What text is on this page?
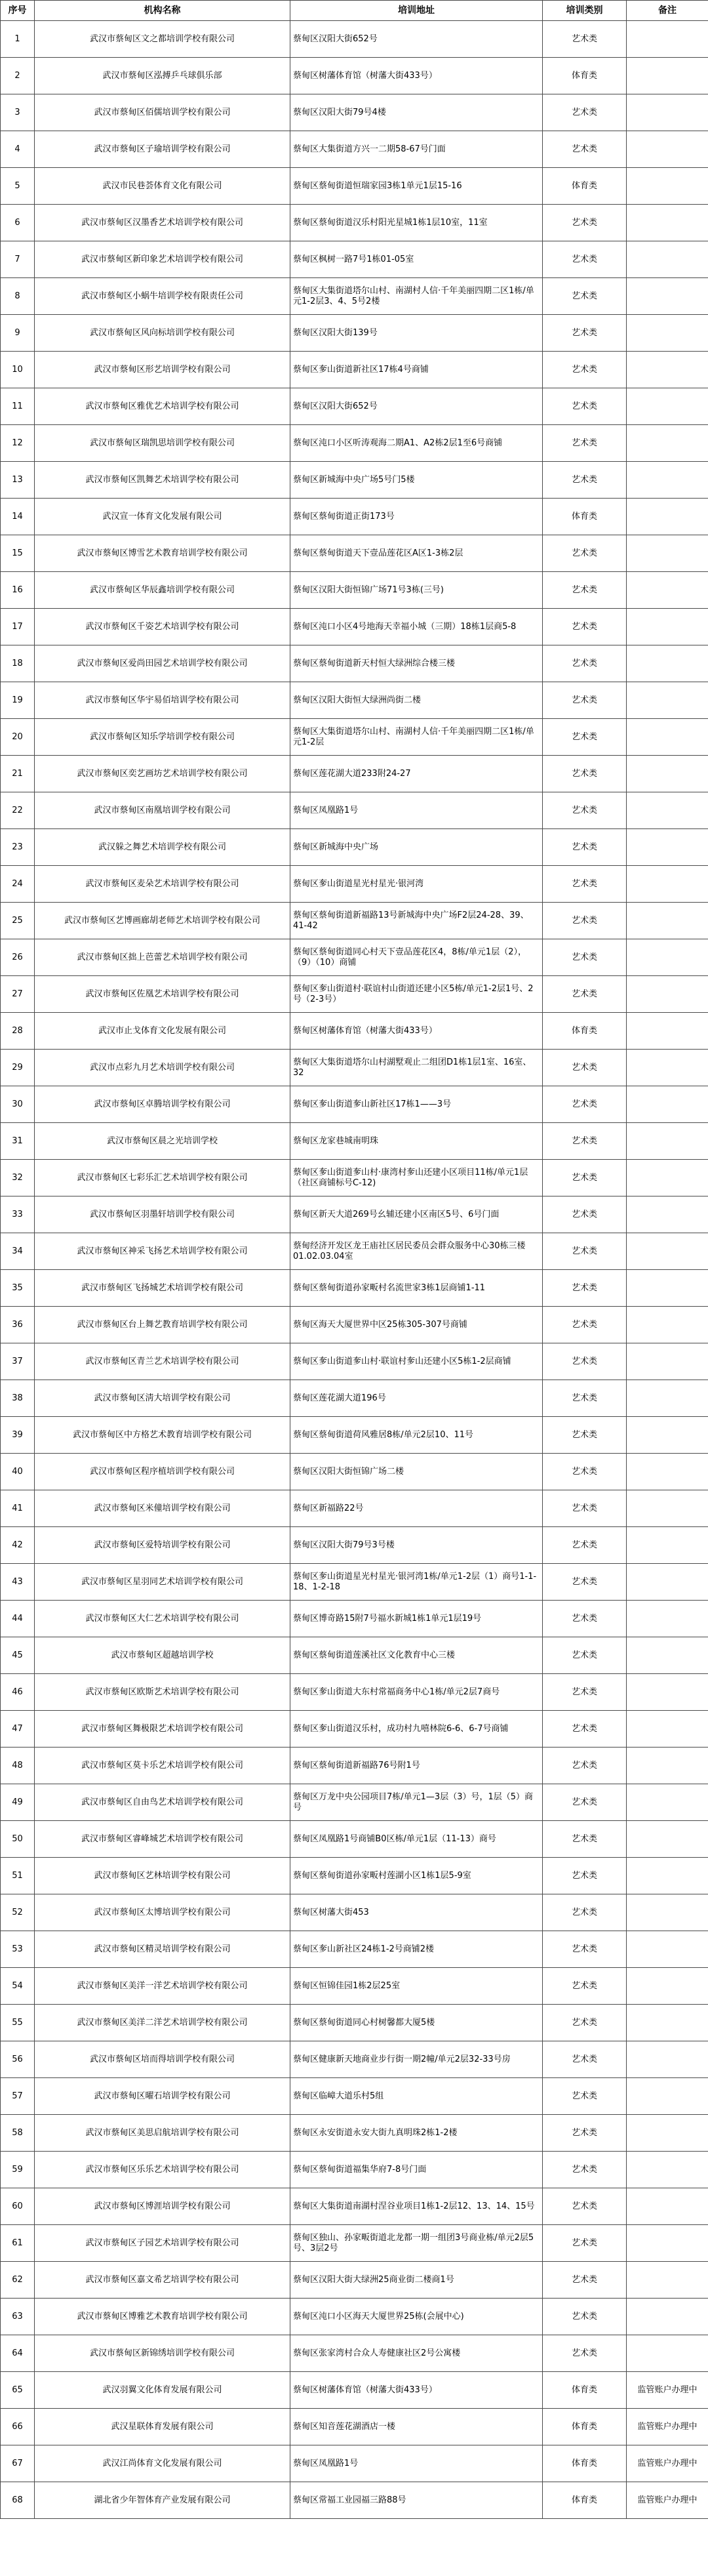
序号	机构名称	培训地址	培训类别	备注
1	武汉市蔡甸区文之都培训学校有限公司	蔡甸区汉阳大街652号	艺术类	
2	武汉市蔡甸区泓搏乒乓球俱乐部	蔡甸区树藩体育馆（树藩大街433号）	体育类	
3	武汉市蔡甸区佰儒培训学校有限公司	蔡甸区汉阳大街79号4楼	艺术类	
4	武汉市蔡甸区子瑜培训学校有限公司	蔡甸区大集街道方兴一二期58-67号门面	艺术类	
5	武汉市民巷荟体育文化有限公司	蔡甸区蔡甸街道恒瑞家园3栋1单元1层15-16	体育类	
6	武汉市蔡甸区汉墨香艺术培训学校有限公司	蔡甸区蔡甸街道汉乐村阳光星城1栋1层10室，11室	艺术类	
7	武汉市蔡甸区新印象艺术培训学校有限公司	蔡甸区枫树一路7号1栋01-05室	艺术类	
8	武汉市蔡甸区小蜗牛培训学校有限责任公司	蔡甸区大集街道塔尔山村、南湖村人信·千年美丽四期二区1栋/单元1-2层3、4、5号2楼	艺术类	
9	武汉市蔡甸区风向标培训学校有限公司	蔡甸区汉阳大街139号	艺术类	
10	武汉市蔡甸区形艺培训学校有限公司	蔡甸区奓山街道新社区17栋4号商铺	艺术类	
11	武汉市蔡甸区雅优艺术培训学校有限公司	蔡甸区汉阳大街652号	艺术类	
12	武汉市蔡甸区瑞凯思培训学校有限公司	蔡甸区沌口小区听涛观海二期A1、A2栋2层1至6号商铺	艺术类	
13	武汉市蔡甸区凯舞艺术培训学校有限公司	蔡甸区新城海中央广场5号门5楼	艺术类	
14	武汉宣一体育文化发展有限公司	蔡甸区蔡甸街道正街173号	体育类	
15	武汉市蔡甸区博雪艺术教育培训学校有限公司	蔡甸区蔡甸街道天下壹品莲花区A区1-3栋2层	艺术类	
16	武汉市蔡甸区华辰鑫培训学校有限公司	蔡甸区汉阳大街恒锦广场71号3栋(三号)	艺术类	
17	武汉市蔡甸区千姿艺术培训学校有限公司	蔡甸区沌口小区4号地海天幸福小城（三期）18栋1层商5-8	艺术类	
18	武汉市蔡甸区爱尚田园艺术培训学校有限公司	蔡甸区蔡甸街道新天村恒大绿洲综合楼三楼	艺术类	
19	武汉市蔡甸区华宇易佰培训学校有限公司	蔡甸区汉阳大街恒大绿洲尚街二楼	艺术类	
20	武汉市蔡甸区知乐学培训学校有限公司	蔡甸区大集街道塔尔山村、南湖村人信·千年美丽四期二区1栋/单元1-2层	艺术类	
21	武汉市蔡甸区奕艺画坊艺术培训学校有限公司	蔡甸区莲花湖大道233附24-27	艺术类	
22	武汉市蔡甸区南凰培训学校有限公司	蔡甸区凤凰路1号	艺术类	
23	武汉躲之舞艺术培训学校有限公司	蔡甸区新城海中央广场	艺术类	
24	武汉市蔡甸区麦朵艺术培训学校有限公司	蔡甸区奓山街道星光村星光·银河湾	艺术类	
25	武汉市蔡甸区艺博画廊胡老师艺术培训学校有限公司	蔡甸区蔡甸街道新福路13号新城海中央广场F2层24-28、39、41-42	艺术类	
26	武汉市蔡甸区拙上芭蕾艺术培训学校有限公司	蔡甸区蔡甸街道同心村天下壹品莲花区4，8栋/单元1层（2），（9）（10）商铺	艺术类	
27	武汉市蔡甸区佐凰艺术培训学校有限公司	蔡甸区奓山街道村·联谊村山街道还建小区5栋/单元1-2层1号、2号（2-3号）	艺术类	
28	武汉市止戈体育文化发展有限公司	蔡甸区树藩体育馆（树藩大街433号）	体育类	
29	武汉市点彩九月艺术培训学校有限公司	蔡甸区大集街道塔尔山村湖墅观止二组团D1栋1层1室、16室、32	艺术类	
30	武汉市蔡甸区卓腾培训学校有限公司	蔡甸区奓山街道奓山新社区17栋1——3号	艺术类	
31	武汉市蔡甸区晨之光培训学校	蔡甸区龙家巷城南明珠	艺术类	
32	武汉市蔡甸区七彩乐汇艺术培训学校有限公司	蔡甸区奓山街道奓山村·康湾村奓山还建小区项目11栋/单元1层（社区商铺标号C-12)	艺术类	
33	武汉市蔡甸区羽墨轩培训学校有限公司	蔡甸区新天大道269号幺辅还建小区南区5号、6号门面	艺术类	
34	武汉市蔡甸区神采飞扬艺术培训学校有限公司	蔡甸经济开发区龙王庙社区居民委员会群众服务中心30栋三楼01.02.03.04室	艺术类	
35	武汉市蔡甸区飞扬城艺术培训学校有限公司	蔡甸区蔡甸街道孙家畈村名流世家3栋1层商铺1-11	艺术类	
36	武汉市蔡甸区台上舞艺教育培训学校有限公司	蔡甸区海天大厦世界中区25栋305-307号商铺	艺术类	
37	武汉市蔡甸区青兰艺术培训学校有限公司	蔡甸区奓山街道奓山村·联谊村奓山还建小区5栋1-2层商铺	艺术类	
38	武汉市蔡甸区淸大培训学校有限公司	蔡甸区莲花湖大道196号	艺术类	
39	武汉市蔡甸区中方格艺术教育培训学校有限公司	蔡甸区蔡甸街道荷风雅居8栋/单元2层10、11号	艺术类	
40	武汉市蔡甸区程序植培训学校有限公司	蔡甸区汉阳大街恒锦广场二楼	艺术类	
41	武汉市蔡甸区米僮培训学校有限公司	蔡甸区新福路22号	艺术类	
42	武汉市蔡甸区爱特培训学校有限公司	蔡甸区汉阳大街79号3号楼	艺术类	
43	武汉市蔡甸区星羽同艺术培训学校有限公司	蔡甸区奓山街道星光村星光·银河湾1栋/单元1-2层（1）商号1-1-18、1-2-18	艺术类	
44	武汉市蔡甸区大仁艺术培训学校有限公司	蔡甸区博奇路15附7号福水新城1栋1单元1层19号	艺术类	
45	武汉市蔡甸区超越培训学校	蔡甸区蔡甸街道莲溪社区文化教育中心三楼	艺术类	
46	武汉市蔡甸区欧斯艺术培训学校有限公司	蔡甸区奓山街道大东村常福商务中心1栋/单元2层7商号	艺术类	
47	武汉市蔡甸区舞极限艺术培训学校有限公司	蔡甸区奓山街道汉乐村，成功村九嘻林院6-6、6-7号商铺	艺术类	
48	武汉市蔡甸区莫卡乐艺术培训学校有限公司	蔡甸区蔡甸街道新福路76号附1号	艺术类	
49	武汉市蔡甸区自由鸟艺术培训学校有限公司	蔡甸区万龙中央公园项目7栋/单元1—3层（3）号，1层（5）商号	艺术类	
50	武汉市蔡甸区睿峰城艺术培训学校有限公司	蔡甸区凤凰路1号商铺B0区栋/单元1层（11-13）商号	艺术类	
51	武汉市蔡甸区艺林培训学校有限公司	蔡甸区蔡甸街道孙家畈村莲湖小区1栋1层5-9室	艺术类	
52	武汉市蔡甸区太博培训学校有限公司	蔡甸区树藩大街453	艺术类	
53	武汉市蔡甸区精灵培训学校有限公司	蔡甸区奓山新社区24栋1-2号商铺2楼	艺术类	
54	武汉市蔡甸区美洋一洋艺术培训学校有限公司	蔡甸区恒锦佳园1栋2层25室	艺术类	
55	武汉市蔡甸区美洋二洋艺术培训学校有限公司	蔡甸区蔡甸街道同心村树馨都大厦5楼	艺术类	
56	武汉市蔡甸区培而得培训学校有限公司	蔡甸区健康新天地商业步行街一期2幢/单元2层32-33号房	艺术类	
57	武汉市蔡甸区曜石培训学校有限公司	蔡甸区临嶂大道乐村5组	艺术类	
58	武汉市蔡甸区美思启航培训学校有限公司	蔡甸区永安街道永安大街九真明珠2栋1-2楼	艺术类	
59	武汉市蔡甸区乐乐艺术培训学校有限公司	蔡甸区蔡甸街道福集华府7-8号门面	艺术类	
60	武汉市蔡甸区博涯培训学校有限公司	蔡甸区大集街道南湖村涅谷业项目1栋1-2层12、13、14、15号	艺术类	
61	武汉市蔡甸区子园艺术培训学校有限公司	蔡甸区独山、孙家畈街道北龙都一期一组团3号商业栋/单元2层5号、3层2号	艺术类	
62	武汉市蔡甸区嘉文希艺培训学校有限公司	蔡甸区汉阳大街大绿洲25商业街二楼商1号	艺术类	
63	武汉市蔡甸区博雅艺术教育培训学校有限公司	蔡甸区沌口小区海天大厦世界25栋(会展中心)	艺术类	
64	武汉市蔡甸区新锦绣培训学校有限公司	蔡甸区张家湾村合众人寿健康社区2号公寓楼	艺术类	
65	武汉羽翼文化体育发展有限公司	蔡甸区树藩体育馆（树藩大街433号）	体育类	监管账户办理中
66	武汉星联体育发展有限公司	蔡甸区知音莲花湖酒店一楼	体育类	监管账户办理中
67	武汉江尚体育文化发展有限公司	蔡甸区凤凰路1号	体育类	监管账户办理中
68	湖北省少年智体育产业发展有限公司	蔡甸区常福工业园福三路88号	体育类	监管账户办理中
